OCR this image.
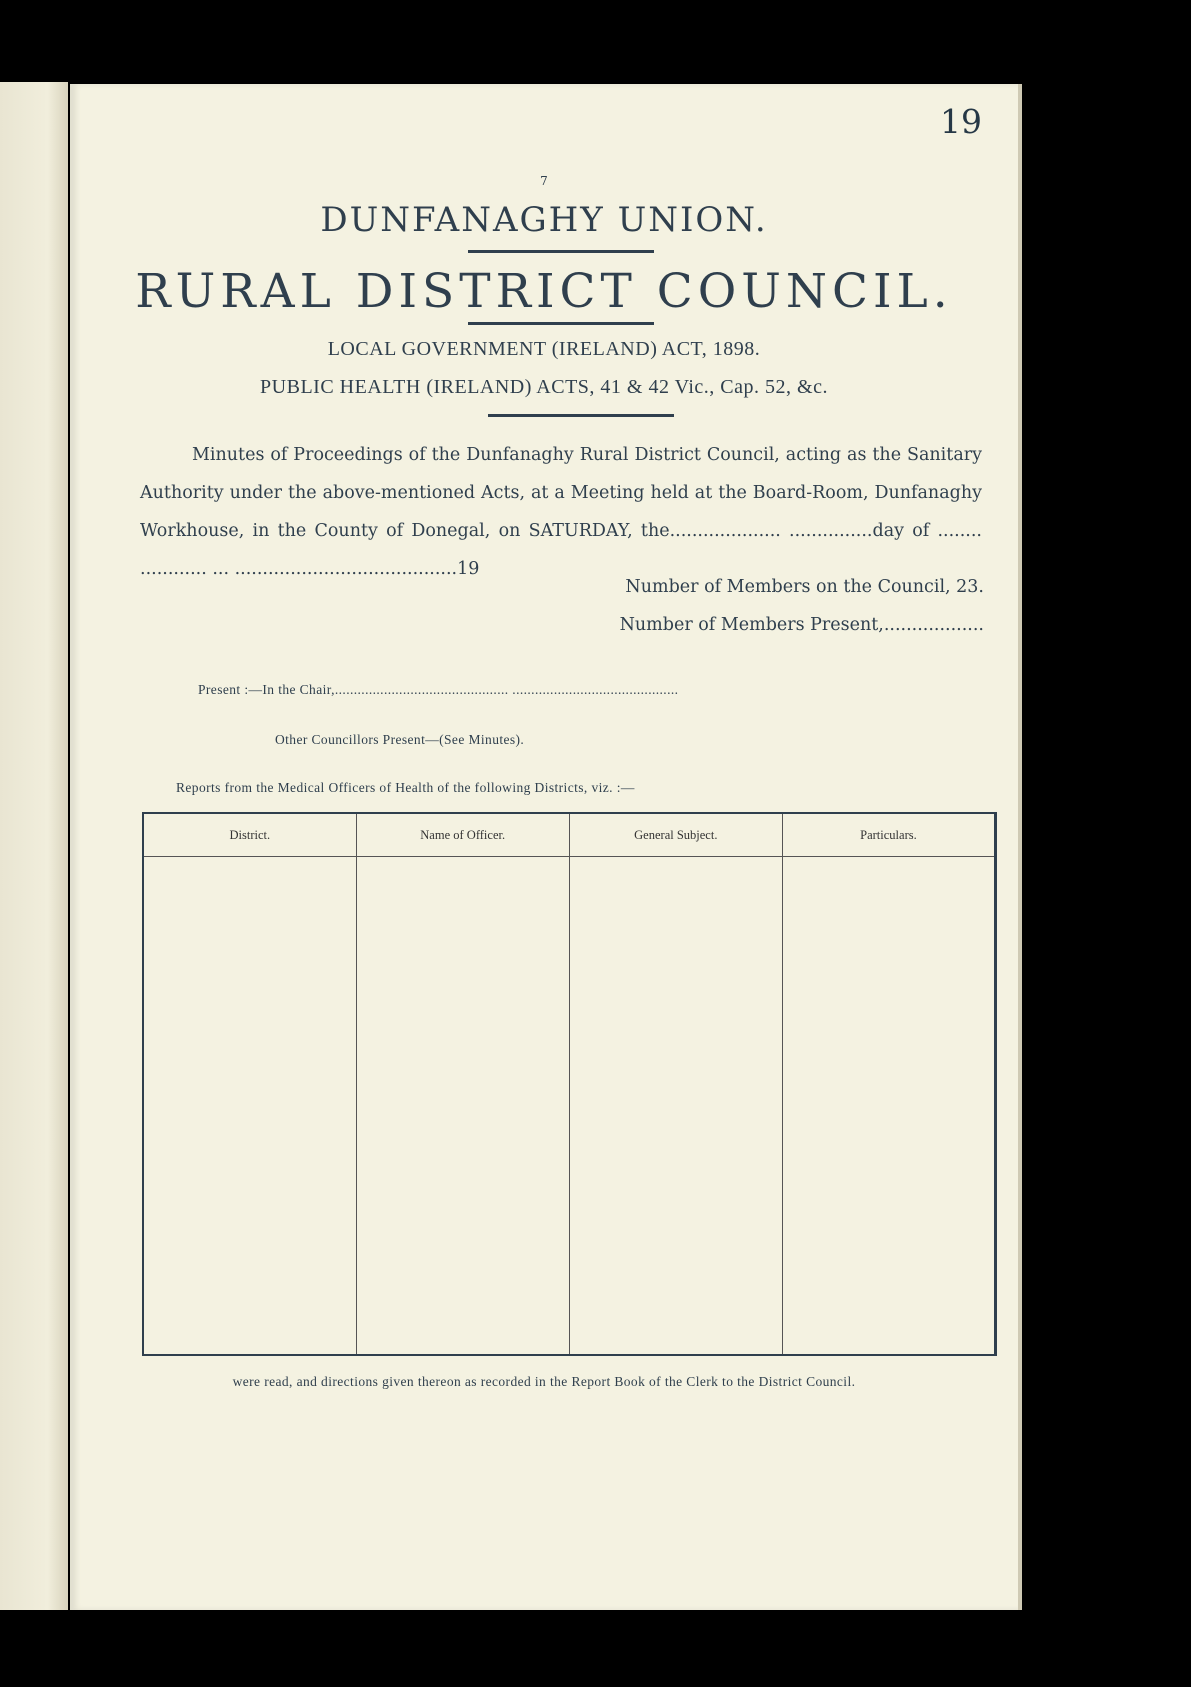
19
7
DUNFANAGHY UNION.
RURAL DISTRICT COUNCIL.
LOCAL GOVERNMENT (IRELAND) ACT, 1898.
PUBLIC HEALTH (IRELAND) ACTS, 41 & 42 Vic., Cap. 52, &c.
Minutes of Proceedings of the Dunfanaghy Rural District Council, acting as the Sanitary Authority under the above-mentioned Acts, at a Meeting held at the Board-Room, Dunfanaghy Workhouse, in the County of Donegal, on SATURDAY, the.................... ...............day of ........ ............ ... ........................................19
Number of Members on the Council, 23.
Number of Members Present,..................
Present :—In the Chair,.............................................. ............................................
Other Councillors Present—(See Minutes).
Reports from the Medical Officers of Health of the following Districts, viz. :—
District.	Name of Officer.	General Subject.	Particulars.

were read, and directions given thereon as recorded in the Report Book of the Clerk to the District Council.
